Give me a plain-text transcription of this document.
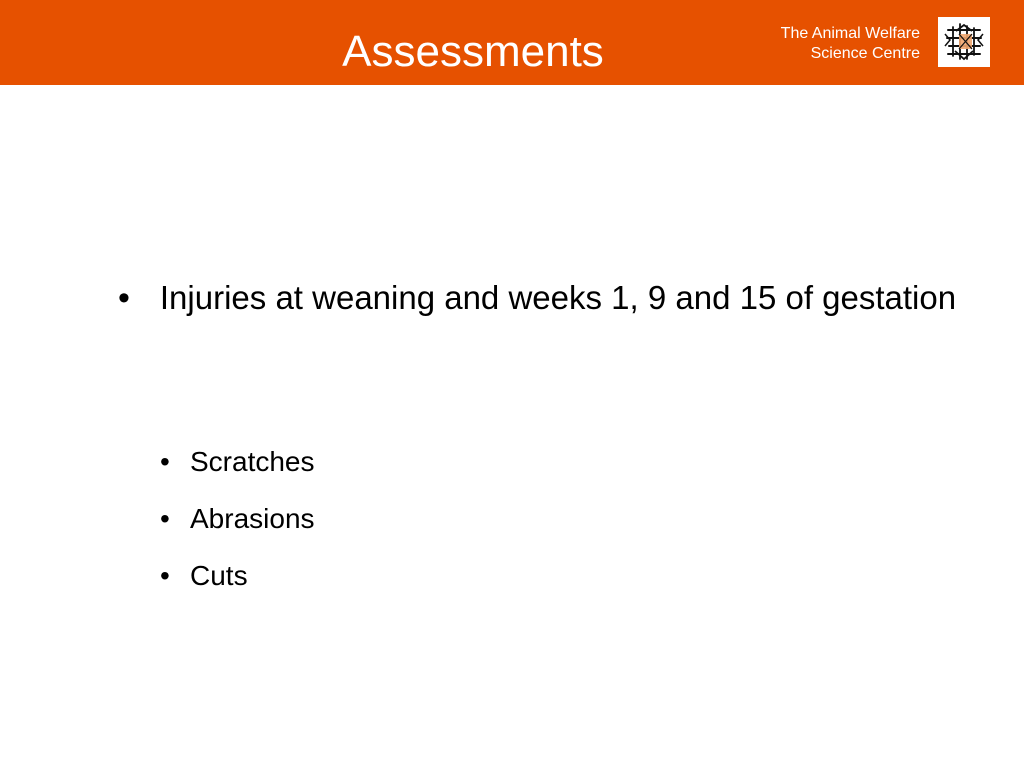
Assessments	The Animal Welfare
Science Centre
• Injuries at weaning and weeks 1, 9 and 15 of gestation
• Scratches
• Abrasions
• Cuts
